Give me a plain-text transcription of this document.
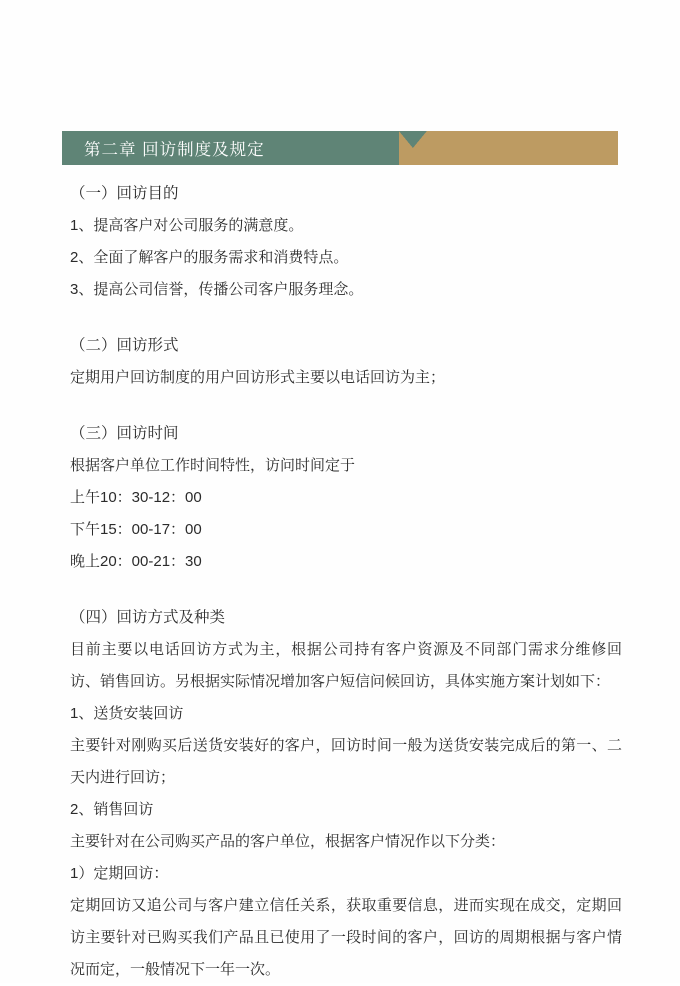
第二章 回访制度及规定

（一）回访目的

1、提高客户对公司服务的满意度。

2、全面了解客户的服务需求和消费特点。

3、提高公司信誉，传播公司客户服务理念。

（二）回访形式

定期用户回访制度的用户回访形式主要以电话回访为主；

（三）回访时间

根据客户单位工作时间特性，访问时间定于

上午10：30-12：00

下午15：00-17：00

晚上20：00-21：30

（四）回访方式及种类

目前主要以电话回访方式为主，根据公司持有客户资源及不同部门需求分维修回访、销售回访。另根据实际情况增加客户短信问候回访，具体实施方案计划如下：

1、送货安装回访

主要针对刚购买后送货安装好的客户，回访时间一般为送货安装完成后的第一、二天内进行回访；

2、销售回访

主要针对在公司购买产品的客户单位，根据客户情况作以下分类：

1）定期回访：

定期回访又追公司与客户建立信任关系，获取重要信息，进而实现在成交，定期回访主要针对已购买我们产品且已使用了一段时间的客户，回访的周期根据与客户情况而定，一般情况下一年一次。
